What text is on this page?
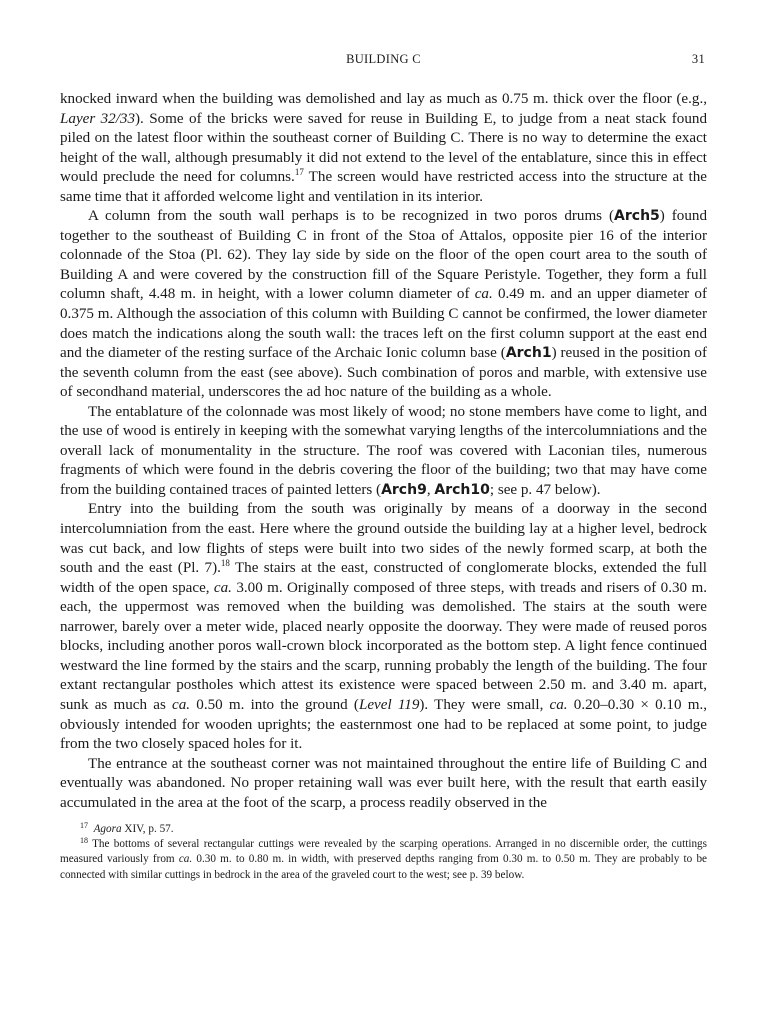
BUILDING C	31

knocked inward when the building was demolished and lay as much as 0.75 m. thick over the floor (e.g., Layer 32/33). Some of the bricks were saved for reuse in Building E, to judge from a neat stack found piled on the latest floor within the southeast corner of Building C. There is no way to determine the exact height of the wall, although presumably it did not extend to the level of the entablature, since this in effect would preclude the need for columns.$^{17}$ The screen would have restricted access into the structure at the same time that it afforded welcome light and ventilation in its interior.

A column from the south wall perhaps is to be recognized in two poros drums (Arch5) found together to the southeast of Building C in front of the Stoa of Attalos, opposite pier 16 of the interior colonnade of the Stoa (Pl. 62). They lay side by side on the floor of the open court area to the south of Building A and were covered by the construction fill of the Square Peristyle. Together, they form a full column shaft, 4.48 m. in height, with a lower column diameter of ca. 0.49 m. and an upper diameter of 0.375 m. Although the association of this column with Building C cannot be confirmed, the lower diameter does match the indications along the south wall: the traces left on the first column support at the east end and the diameter of the resting surface of the Archaic Ionic column base (Arch1) reused in the position of the seventh column from the east (see above). Such combination of poros and marble, with extensive use of secondhand material, underscores the ad hoc nature of the building as a whole.

The entablature of the colonnade was most likely of wood; no stone members have come to light, and the use of wood is entirely in keeping with the somewhat varying lengths of the intercolumniations and the overall lack of monumentality in the structure. The roof was covered with Laconian tiles, numerous fragments of which were found in the debris covering the floor of the building; two that may have come from the building contained traces of painted letters (Arch9, Arch10; see p. 47 below).

Entry into the building from the south was originally by means of a doorway in the second intercolumniation from the east. Here where the ground outside the building lay at a higher level, bedrock was cut back, and low flights of steps were built into two sides of the newly formed scarp, at both the south and the east (Pl. 7).$^{18}$ The stairs at the east, constructed of conglomerate blocks, extended the full width of the open space, ca. 3.00 m. Originally composed of three steps, with treads and risers of 0.30 m. each, the uppermost was removed when the building was demolished. The stairs at the south were narrower, barely over a meter wide, placed nearly opposite the doorway. They were made of reused poros blocks, including another poros wall-crown block incorporated as the bottom step. A light fence continued westward the line formed by the stairs and the scarp, running probably the length of the building. The four extant rectangular postholes which attest its existence were spaced between 2.50 m. and 3.40 m. apart, sunk as much as ca. 0.50 m. into the ground (Level 119). They were small, ca. 0.20–0.30 × 0.10 m., obviously intended for wooden uprights; the easternmost one had to be replaced at some point, to judge from the two closely spaced holes for it.

The entrance at the southeast corner was not maintained throughout the entire life of Building C and eventually was abandoned. No proper retaining wall was ever built here, with the result that earth easily accumulated in the area at the foot of the scarp, a process readily observed in the

$^{17}$ Agora XIV, p. 57.

$^{18}$ The bottoms of several rectangular cuttings were revealed by the scarping operations. Arranged in no discernible order, the cuttings measured variously from ca. 0.30 m. to 0.80 m. in width, with preserved depths ranging from 0.30 m. to 0.50 m. They are probably to be connected with similar cuttings in bedrock in the area of the graveled court to the west; see p. 39 below.
